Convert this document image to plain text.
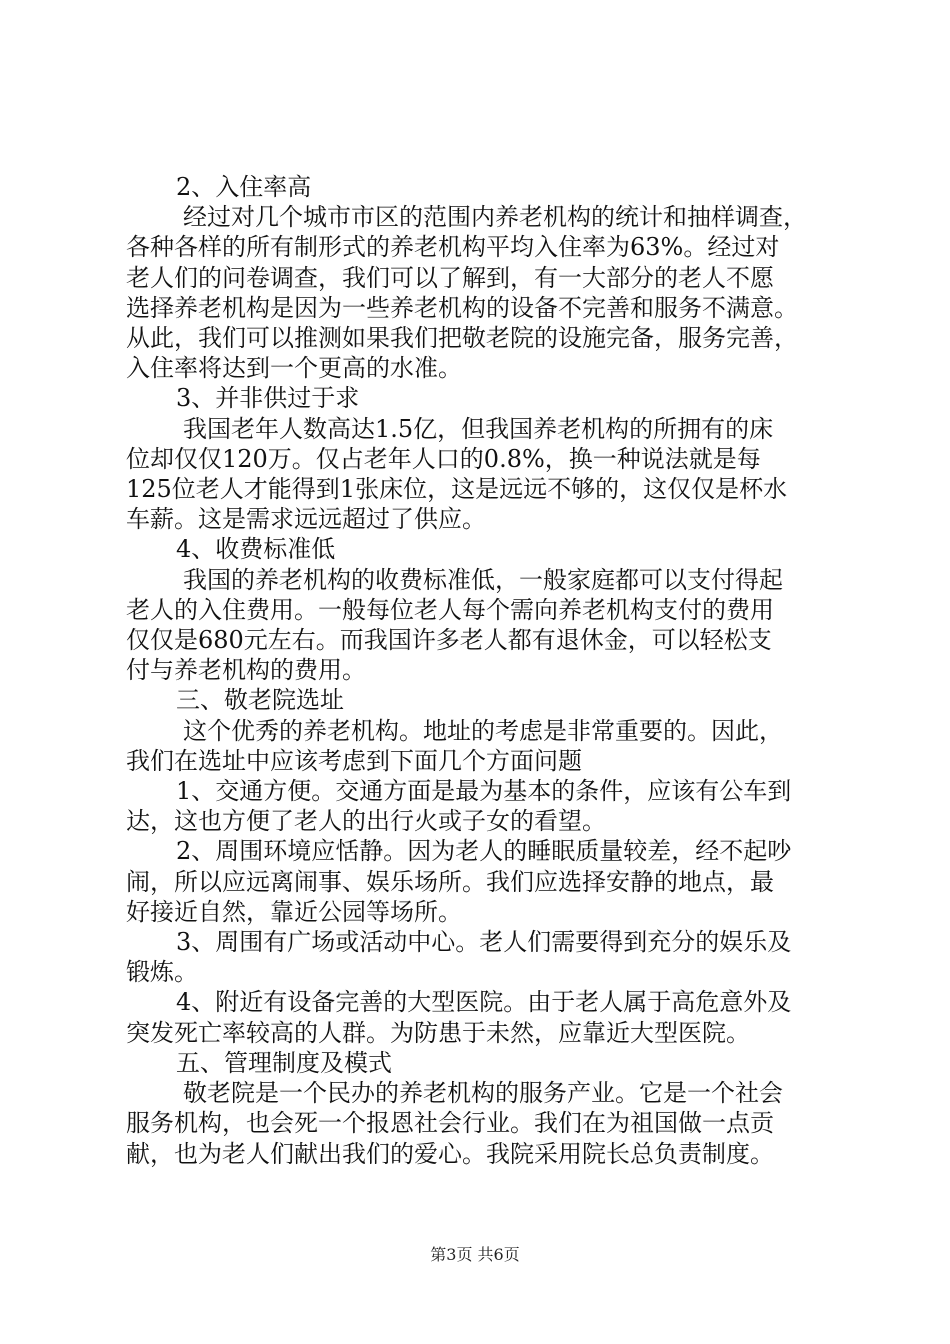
2、入住率高

经过对几个城市市区的范围内养老机构的统计和抽样调查，

各种各样的所有制形式的养老机构平均入住率为63%。经过对

老人们的问卷调查，我们可以了解到，有一大部分的老人不愿

选择养老机构是因为一些养老机构的设备不完善和服务不满意。

从此，我们可以推测如果我们把敬老院的设施完备，服务完善，

入住率将达到一个更高的水准。

3、并非供过于求

我国老年人数高达1.5亿，但我国养老机构的所拥有的床

位却仅仅120万。仅占老年人口的0.8%，换一种说法就是每

125位老人才能得到1张床位，这是远远不够的，这仅仅是杯水

车薪。这是需求远远超过了供应。

4、收费标准低

我国的养老机构的收费标准低，一般家庭都可以支付得起

老人的入住费用。一般每位老人每个需向养老机构支付的费用

仅仅是680元左右。而我国许多老人都有退休金，可以轻松支

付与养老机构的费用。

三、敬老院选址

这个优秀的养老机构。地址的考虑是非常重要的。因此，

我们在选址中应该考虑到下面几个方面问题

1、交通方便。交通方面是最为基本的条件，应该有公车到

达，这也方便了老人的出行火或子女的看望。

2、周围环境应恬静。因为老人的睡眠质量较差，经不起吵

闹，所以应远离闹事、娱乐场所。我们应选择安静的地点，最

好接近自然，靠近公园等场所。

3、周围有广场或活动中心。老人们需要得到充分的娱乐及

锻炼。

4、附近有设备完善的大型医院。由于老人属于高危意外及

突发死亡率较高的人群。为防患于未然，应靠近大型医院。

五、管理制度及模式

敬老院是一个民办的养老机构的服务产业。它是一个社会

服务机构，也会死一个报恩社会行业。我们在为祖国做一点贡

献，也为老人们献出我们的爱心。我院采用院长总负责制度。

第3页 共6页
